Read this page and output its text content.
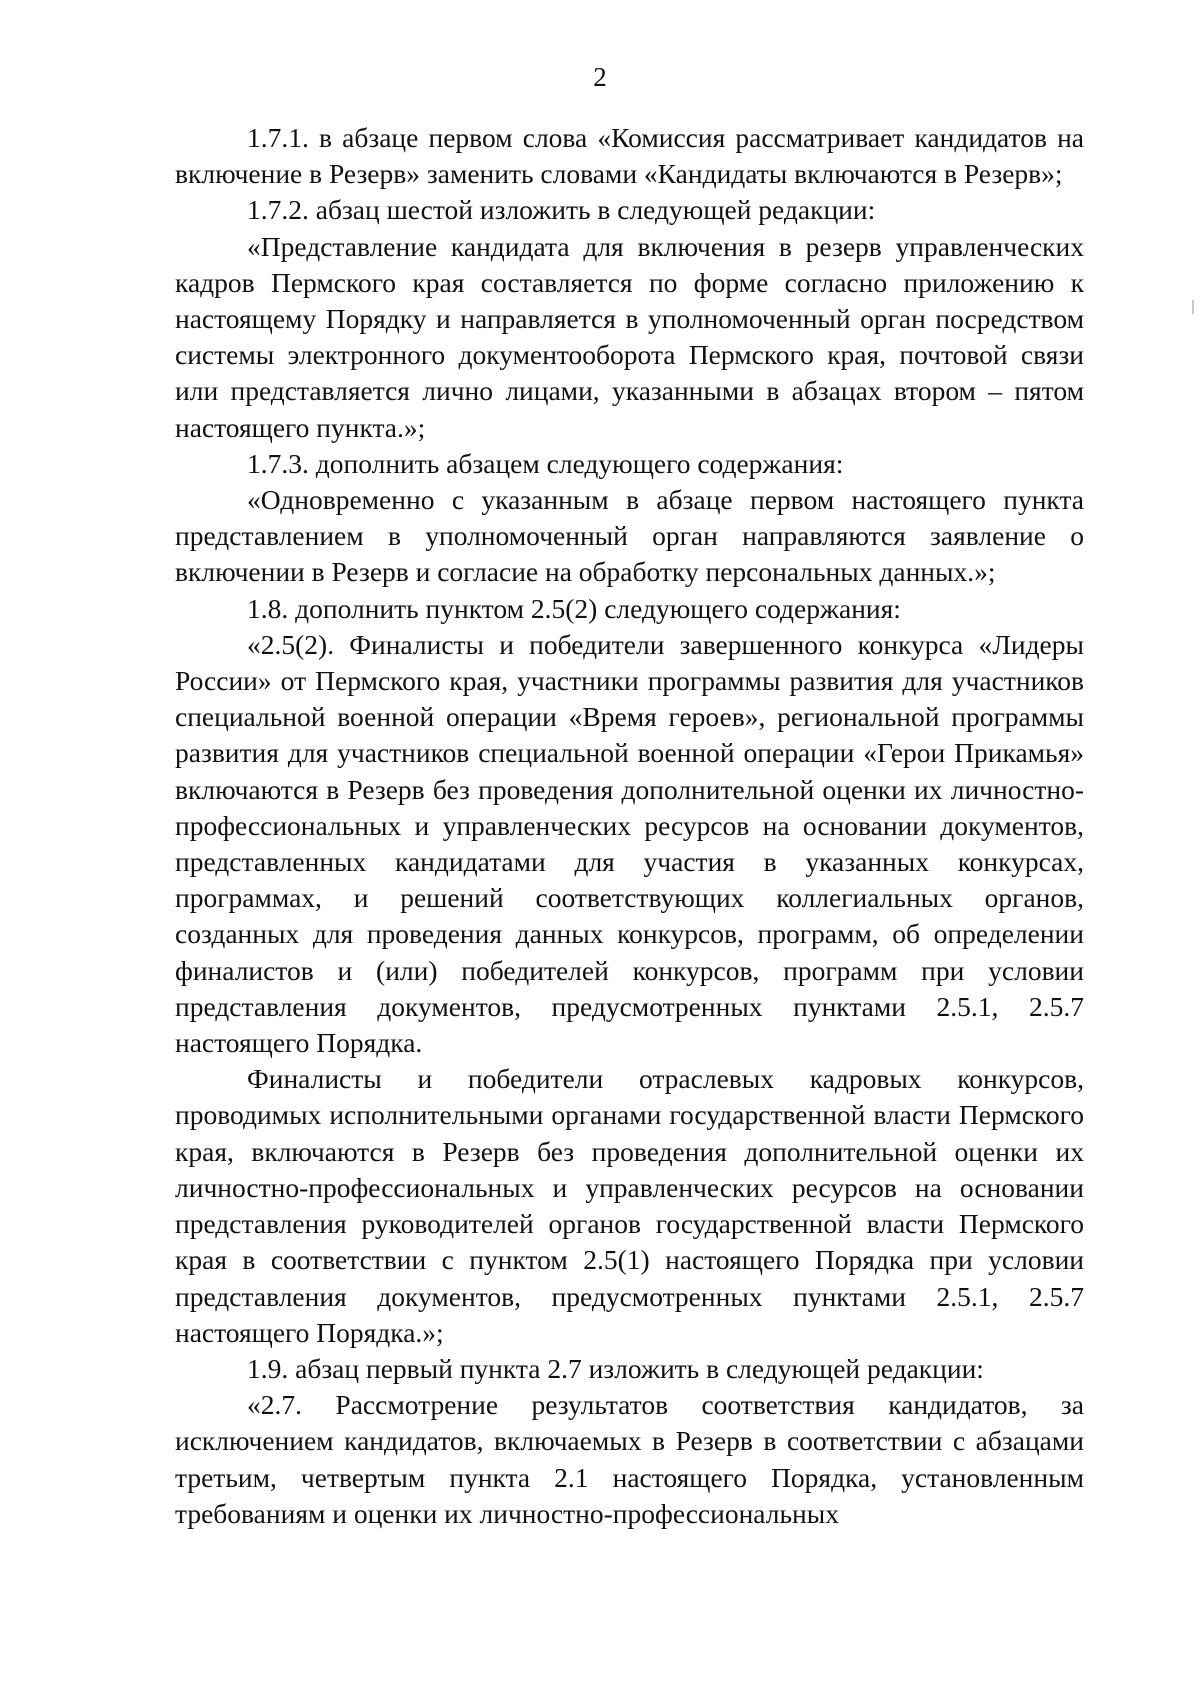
2

1.7.1. в абзаце первом слова «Комиссия рассматривает кандидатов на включение в Резерв» заменить словами «Кандидаты включаются в Резерв»;

1.7.2. абзац шестой изложить в следующей редакции:

«Представление кандидата для включения в резерв управленческих кадров Пермского края составляется по форме согласно приложению к настоящему Порядку и направляется в уполномоченный орган посредством системы электронного документооборота Пермского края, почтовой связи или представляется лично лицами, указанными в абзацах втором – пятом настоящего пункта.»;

1.7.3. дополнить абзацем следующего содержания:

«Одновременно с указанным в абзаце первом настоящего пункта представлением в уполномоченный орган направляются заявление о включении в Резерв и согласие на обработку персональных данных.»;

1.8. дополнить пунктом 2.5(2) следующего содержания:

«2.5(2). Финалисты и победители завершенного конкурса «Лидеры России» от Пермского края, участники программы развития для участников специальной военной операции «Время героев», региональной программы развития для участников специальной военной операции «Герои Прикамья» включаются в Резерв без проведения дополнительной оценки их личностно-профессиональных и управленческих ресурсов на основании документов, представленных кандидатами для участия в указанных конкурсах, программах, и решений соответствующих коллегиальных органов, созданных для проведения данных конкурсов, программ, об определении финалистов и (или) победителей конкурсов, программ при условии представления документов, предусмотренных пунктами 2.5.1, 2.5.7 настоящего Порядка.

Финалисты и победители отраслевых кадровых конкурсов, проводимых исполнительными органами государственной власти Пермского края, включаются в Резерв без проведения дополнительной оценки их личностно-профессиональных и управленческих ресурсов на основании представления руководителей органов государственной власти Пермского края в соответствии с пунктом 2.5(1) настоящего Порядка при условии представления документов, предусмотренных пунктами 2.5.1, 2.5.7 настоящего Порядка.»;

1.9. абзац первый пункта 2.7 изложить в следующей редакции:

«2.7. Рассмотрение результатов соответствия кандидатов, за исключением кандидатов, включаемых в Резерв в соответствии с абзацами третьим, четвертым пункта 2.1 настоящего Порядка, установленным требованиям и оценки их личностно-профессиональных
